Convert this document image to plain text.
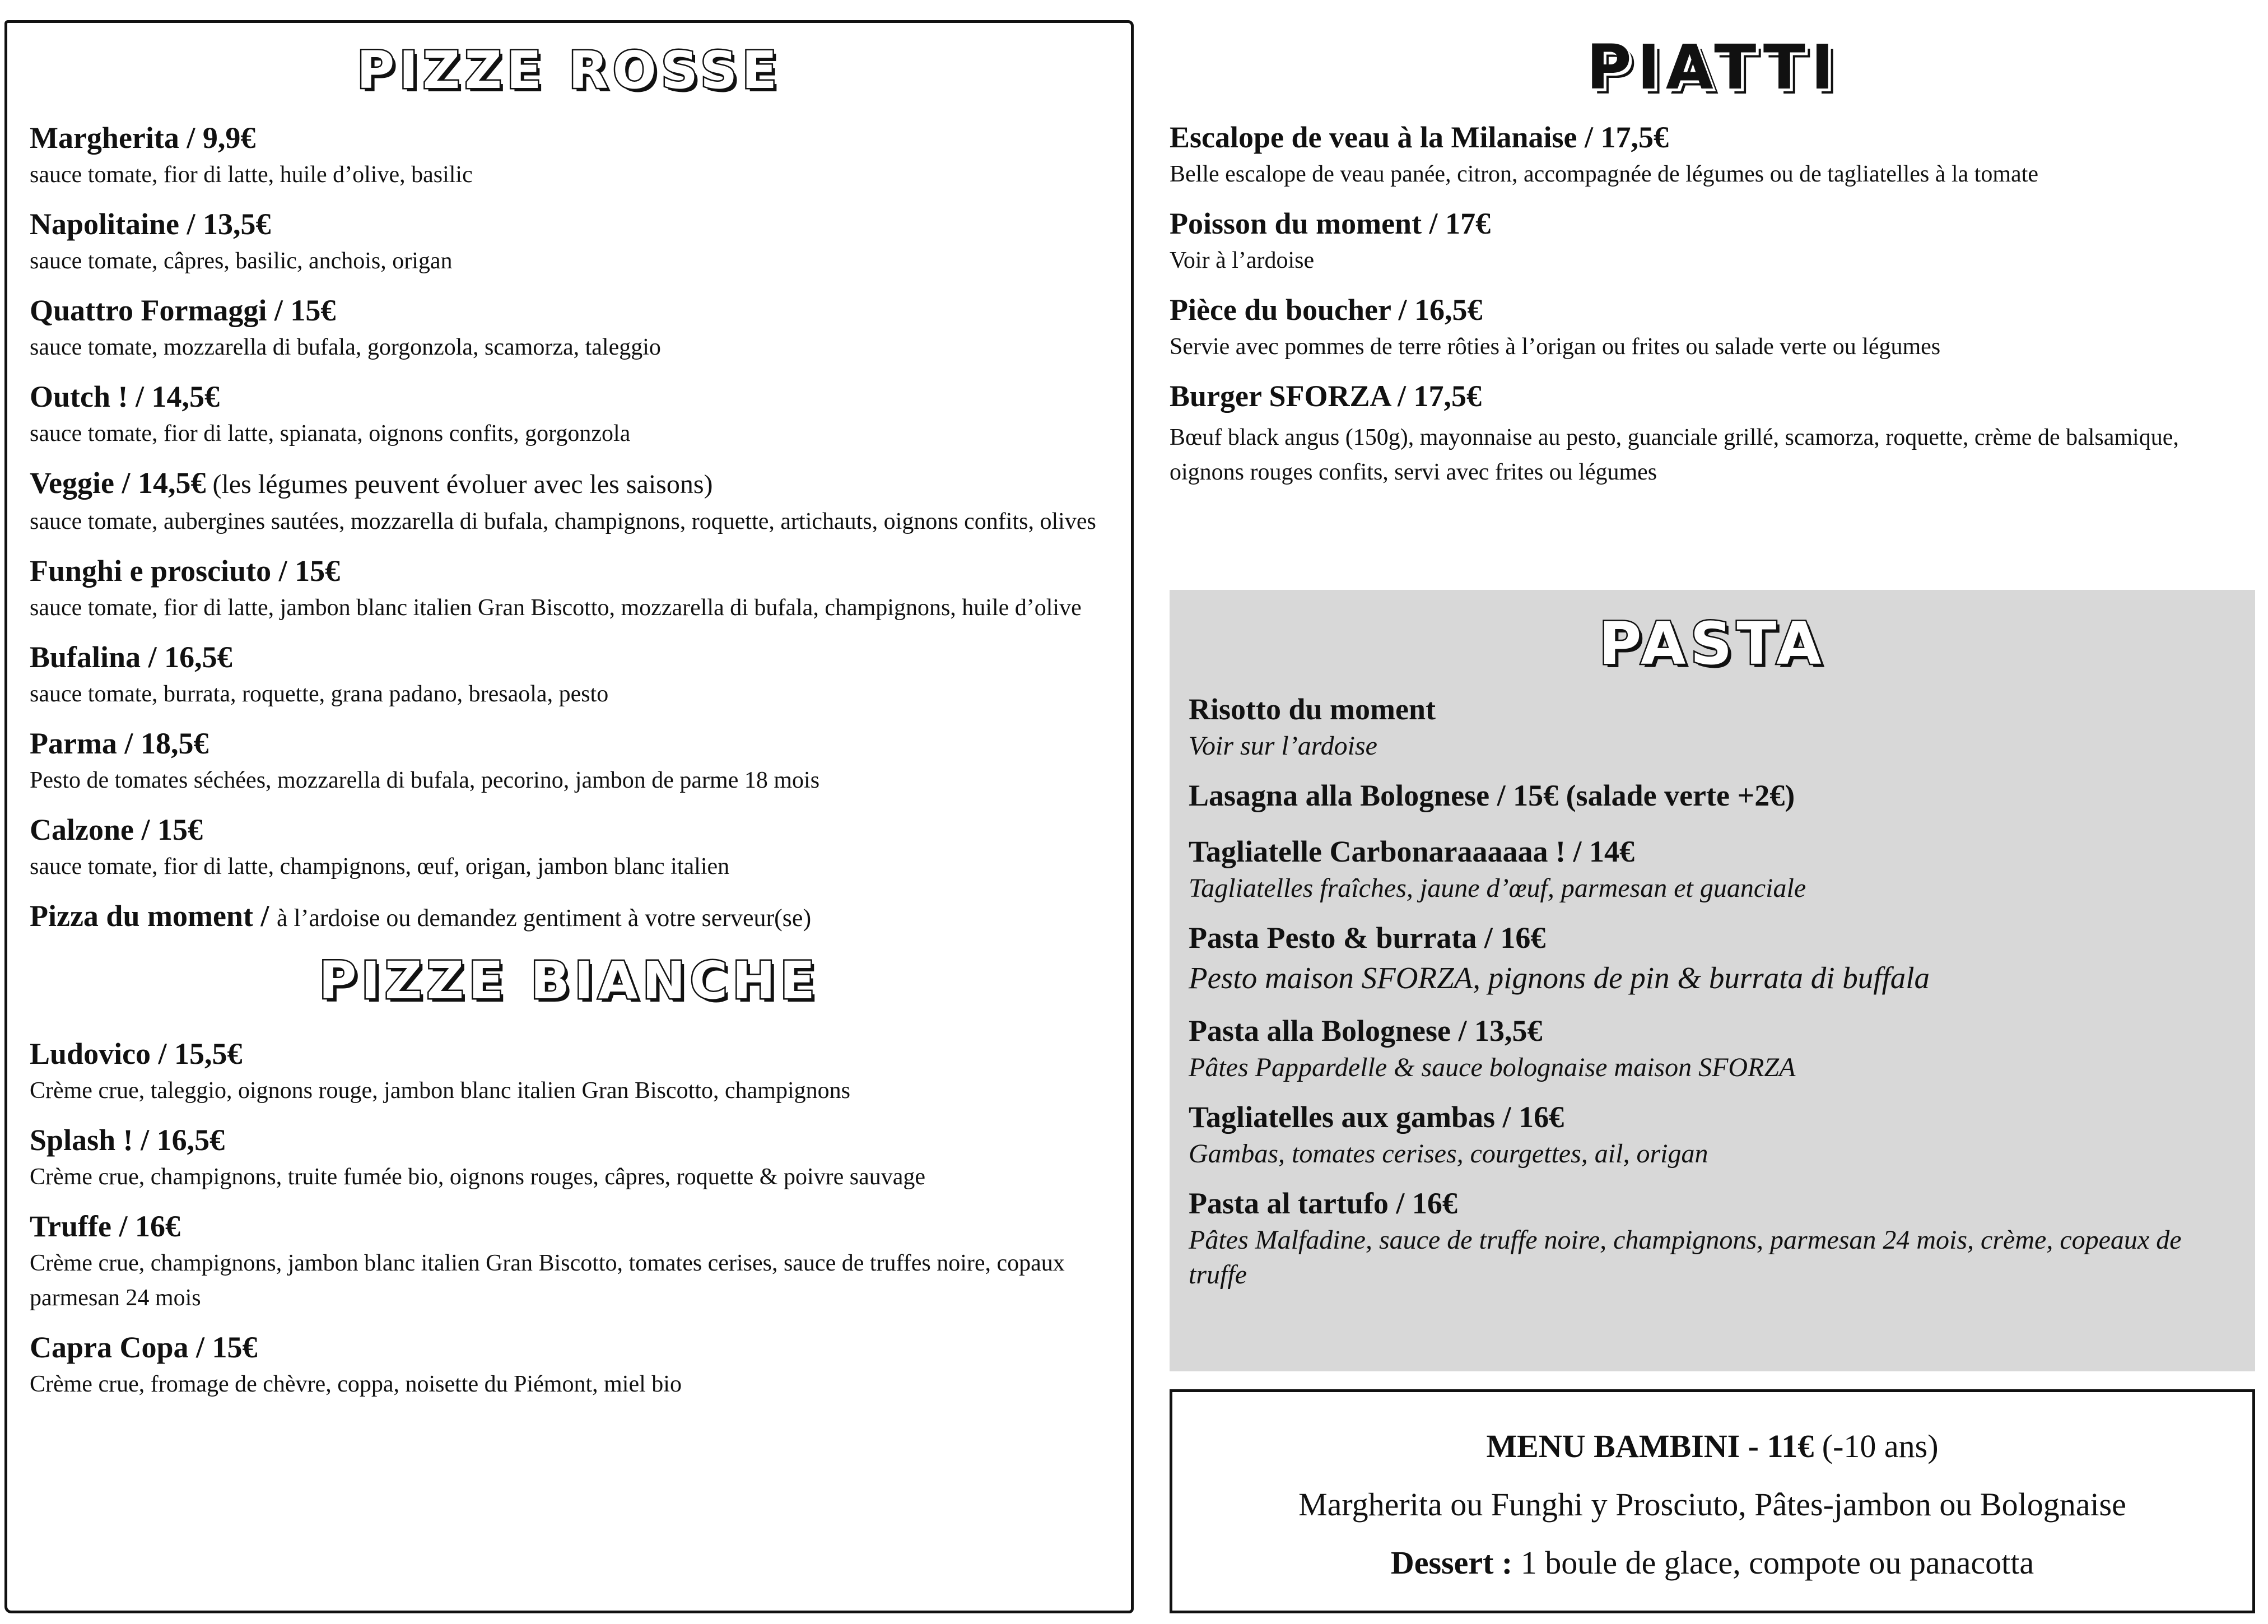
PIZZE ROSSE
Margherita / 9,9€
sauce tomate, fior di latte, huile d’olive, basilic
Napolitaine / 13,5€
sauce tomate, câpres, basilic, anchois, origan
Quattro Formaggi / 15€
sauce tomate, mozzarella di bufala, gorgonzola, scamorza, taleggio
Outch ! / 14,5€
sauce tomate, fior di latte, spianata, oignons confits, gorgonzola
Veggie / 14,5€ (les légumes peuvent évoluer avec les saisons)
sauce tomate, aubergines sautées, mozzarella di bufala, champignons, roquette, artichauts, oignons confits, olives
Funghi e prosciuto / 15€
sauce tomate, fior di latte, jambon blanc italien Gran Biscotto, mozzarella di bufala, champignons, huile d’olive
Bufalina / 16,5€
sauce tomate, burrata, roquette, grana padano, bresaola, pesto
Parma / 18,5€
Pesto de tomates séchées, mozzarella di bufala, pecorino, jambon de parme 18 mois
Calzone / 15€
sauce tomate, fior di latte, champignons, œuf, origan, jambon blanc italien
Pizza du moment / à l’ardoise ou demandez gentiment à votre serveur(se)
PIZZE BIANCHE
Ludovico / 15,5€
Crème crue, taleggio, oignons rouge, jambon blanc italien Gran Biscotto, champignons
Splash ! / 16,5€
Crème crue, champignons, truite fumée bio, oignons rouges, câpres, roquette & poivre sauvage
Truffe / 16€
Crème crue, champignons, jambon blanc italien Gran Biscotto, tomates cerises, sauce de truffes noire, copaux parmesan 24 mois
Capra Copa / 15€
Crème crue, fromage de chèvre, coppa, noisette du Piémont, miel bio
PIATTI
Escalope de veau à la Milanaise / 17,5€
Belle escalope de veau panée, citron, accompagnée de légumes ou de tagliatelles à la tomate
Poisson du moment / 17€
Voir à l’ardoise
Pièce du boucher / 16,5€
Servie avec pommes de terre rôties à l’origan ou frites ou salade verte ou légumes
Burger SFORZA / 17,5€
Bœuf black angus (150g), mayonnaise au pesto, guanciale grillé, scamorza, roquette, crème de balsamique, oignons rouges confits, servi avec frites ou légumes
PASTA
Risotto du moment
Voir sur l’ardoise
Lasagna alla Bolognese / 15€ (salade verte +2€)
Tagliatelle Carbonaraaaaaa ! / 14€
Tagliatelles fraîches, jaune d’œuf, parmesan et guanciale
Pasta Pesto & burrata / 16€
Pesto maison SFORZA, pignons de pin & burrata di buffala
Pasta alla Bolognese / 13,5€
Pâtes Pappardelle & sauce bolognaise maison SFORZA
Tagliatelles aux gambas / 16€
Gambas, tomates cerises, courgettes, ail, origan
Pasta al tartufo / 16€
Pâtes Malfadine, sauce de truffe noire, champignons, parmesan 24 mois, crème, copeaux de truffe

MENU BAMBINI - 11€ (-10 ans)

Margherita ou Funghi y Prosciuto, Pâtes-jambon ou Bolognaise

Dessert : 1 boule de glace, compote ou panacotta
